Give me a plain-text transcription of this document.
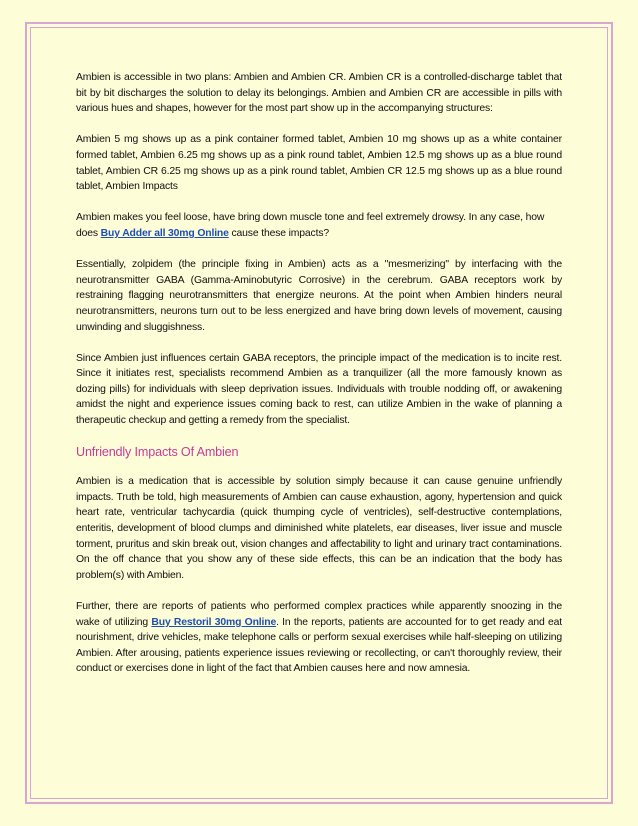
Ambien is accessible in two plans: Ambien and Ambien CR. Ambien CR is a controlled-discharge tablet that bit by bit discharges the solution to delay its belongings. Ambien and Ambien CR are accessible in pills with various hues and shapes, however for the most part show up in the accompanying structures:

Ambien 5 mg shows up as a pink container formed tablet, Ambien 10 mg shows up as a white container formed tablet, Ambien 6.25 mg shows up as a pink round tablet, Ambien 12.5 mg shows up as a blue round tablet, Ambien CR 6.25 mg shows up as a pink round tablet, Ambien CR 12.5 mg shows up as a blue round tablet, Ambien Impacts

Ambien makes you feel loose, have bring down muscle tone and feel extremely drowsy. In any case, how does Buy Adder all 30mg Online cause these impacts?

Essentially, zolpidem (the principle fixing in Ambien) acts as a "mesmerizing" by interfacing with the neurotransmitter GABA (Gamma-Aminobutyric Corrosive) in the cerebrum. GABA receptors work by restraining flagging neurotransmitters that energize neurons. At the point when Ambien hinders neural neurotransmitters, neurons turn out to be less energized and have bring down levels of movement, causing unwinding and sluggishness.

Since Ambien just influences certain GABA receptors, the principle impact of the medication is to incite rest. Since it initiates rest, specialists recommend Ambien as a tranquilizer (all the more famously known as dozing pills) for individuals with sleep deprivation issues. Individuals with trouble nodding off, or awakening amidst the night and experience issues coming back to rest, can utilize Ambien in the wake of planning a therapeutic checkup and getting a remedy from the specialist.

Unfriendly Impacts Of Ambien

Ambien is a medication that is accessible by solution simply because it can cause genuine unfriendly impacts. Truth be told, high measurements of Ambien can cause exhaustion, agony, hypertension and quick heart rate, ventricular tachycardia (quick thumping cycle of ventricles), self-destructive contemplations, enteritis, development of blood clumps and diminished white platelets, ear diseases, liver issue and muscle torment, pruritus and skin break out, vision changes and affectability to light and urinary tract contaminations. On the off chance that you show any of these side effects, this can be an indication that the body has problem(s) with Ambien.

Further, there are reports of patients who performed complex practices while apparently snoozing in the wake of utilizing Buy Restoril 30mg Online. In the reports, patients are accounted for to get ready and eat nourishment, drive vehicles, make telephone calls or perform sexual exercises while half-sleeping on utilizing Ambien. After arousing, patients experience issues reviewing or recollecting, or can't thoroughly review, their conduct or exercises done in light of the fact that Ambien causes here and now amnesia.
